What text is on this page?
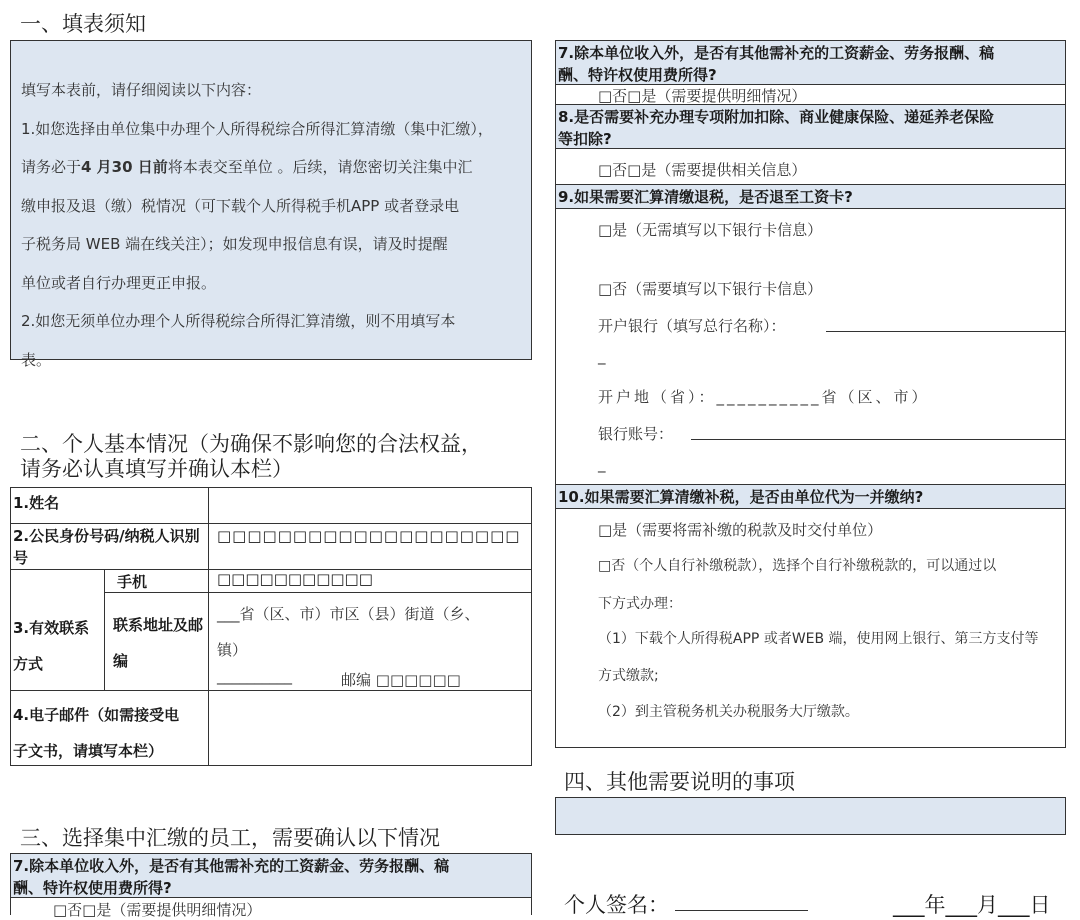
一、填表须知

填写本表前，请仔细阅读以下内容：

1.如您选择由单位集中办理个人所得税综合所得汇算清缴（集中汇缴），

请务必于4 月30 日前将本表交至单位 。后续，请您密切关注集中汇

缴申报及退（缴）税情况（可下载个人所得税手机APP 或者登录电

子税务局 WEB 端在线关注）；如发现申报信息有误，请及时提醒

单位或者自行办理更正申报。

2.如您无须单位办理个人所得税综合所得汇算清缴，则不用填写本

表。

二、个人基本情况（为确保不影响您的合法权益，
请务必认真填写并确认本栏）
1.姓名
2.公民身份号码/纳税人识别号
□□□□□□□□□□□□□□□□□□□□
3.有效联系方式
手机	□□□□□□□□□□□
联系地址及邮编
___省（区、市）市区（县）街道（乡、
镇）
__________	邮编 □□□□□□
4.电子邮件（如需接受电
子文书，请填写本栏）
三、选择集中汇缴的员工，需要确认以下情况
7.除本单位收入外，是否有其他需补充的工资薪金、劳务报酬、稿
酬、特许权使用费所得?
□否□是（需要提供明细情况）
7.除本单位收入外，是否有其他需补充的工资薪金、劳务报酬、稿
酬、特许权使用费所得?
□否□是（需要提供明细情况）
8.是否需要补充办理专项附加扣除、商业健康保险、递延养老保险
等扣除?
□否□是（需要提供相关信息）
9.如果需要汇算清缴退税，是否退至工资卡?
□是（无需填写以下银行卡信息）
□否（需要填写以下银行卡信息）
开户银行（填写总行名称）：
_
开户地（省）：__________省（区、市）
银行账号：
_
10.如果需要汇算清缴补税，是否由单位代为一并缴纳?
□是（需要将需补缴的税款及时交付单位）
□否（个人自行补缴税款），选择个自行补缴税款的，可以通过以
下方式办理：
（1）下载个人所得税APP 或者WEB 端，使用网上银行、第三方支付等
方式缴款;
（2）到主管税务机关办税服务大厅缴款。
四、其他需要说明的事项
个人签名：	___年___月___日
